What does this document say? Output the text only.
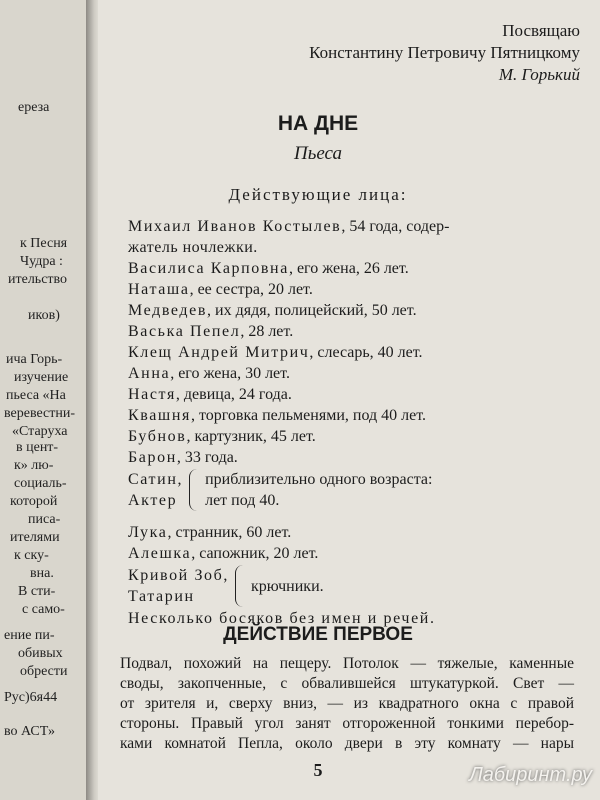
ереза
к Песня
Чудра :
ительство
иков)
ича Горь-
изучение
пьеса «На
веревестни-
«Старуха
в цент-
к» лю-
социаль-
которой
писа-
ителями
к ску-
вна.
В сти-
с само-
ение пи-
обивых
обрести
Рус)6я44
во АСТ»
Посвящаю
Константину Петровичу Пятницкому
М. Горький
НА ДНЕ
Пьеса
Действующие лица:
Михаил Иванов Костылев, 54 года, содер-
жатель ночлежки.
Василиса Карповна, его жена, 26 лет.
Наташа, ее сестра, 20 лет.
Медведев, их дядя, полицейский, 50 лет.
Васька Пепел, 28 лет.
Клещ Андрей Митрич, слесарь, 40 лет.
Анна, его жена, 30 лет.
Настя, девица, 24 года.
Квашня, торговка пельменями, под 40 лет.
Бубнов, картузник, 45 лет.
Барон, 33 года.
Сатин,
Актер
приблизительно одного возраста:
лет под 40.
Лука, странник, 60 лет.
Алешка, сапожник, 20 лет.
Кривой Зоб,
Татарин
крючники.
Несколько босяков без имен и речей.
ДЕЙСТВИЕ ПЕРВОЕ
Подвал, похожий на пещеру. Потолок — тяжелые, каменные
своды, закопченные, с обвалившейся штукатуркой. Свет —
от зрителя и, сверху вниз, — из квадратного окна с правой
стороны. Правый угол занят отгороженной тонкими перебор-
ками комнатой Пепла, около двери в эту комнату — нары
5	Лабиринт.ру
